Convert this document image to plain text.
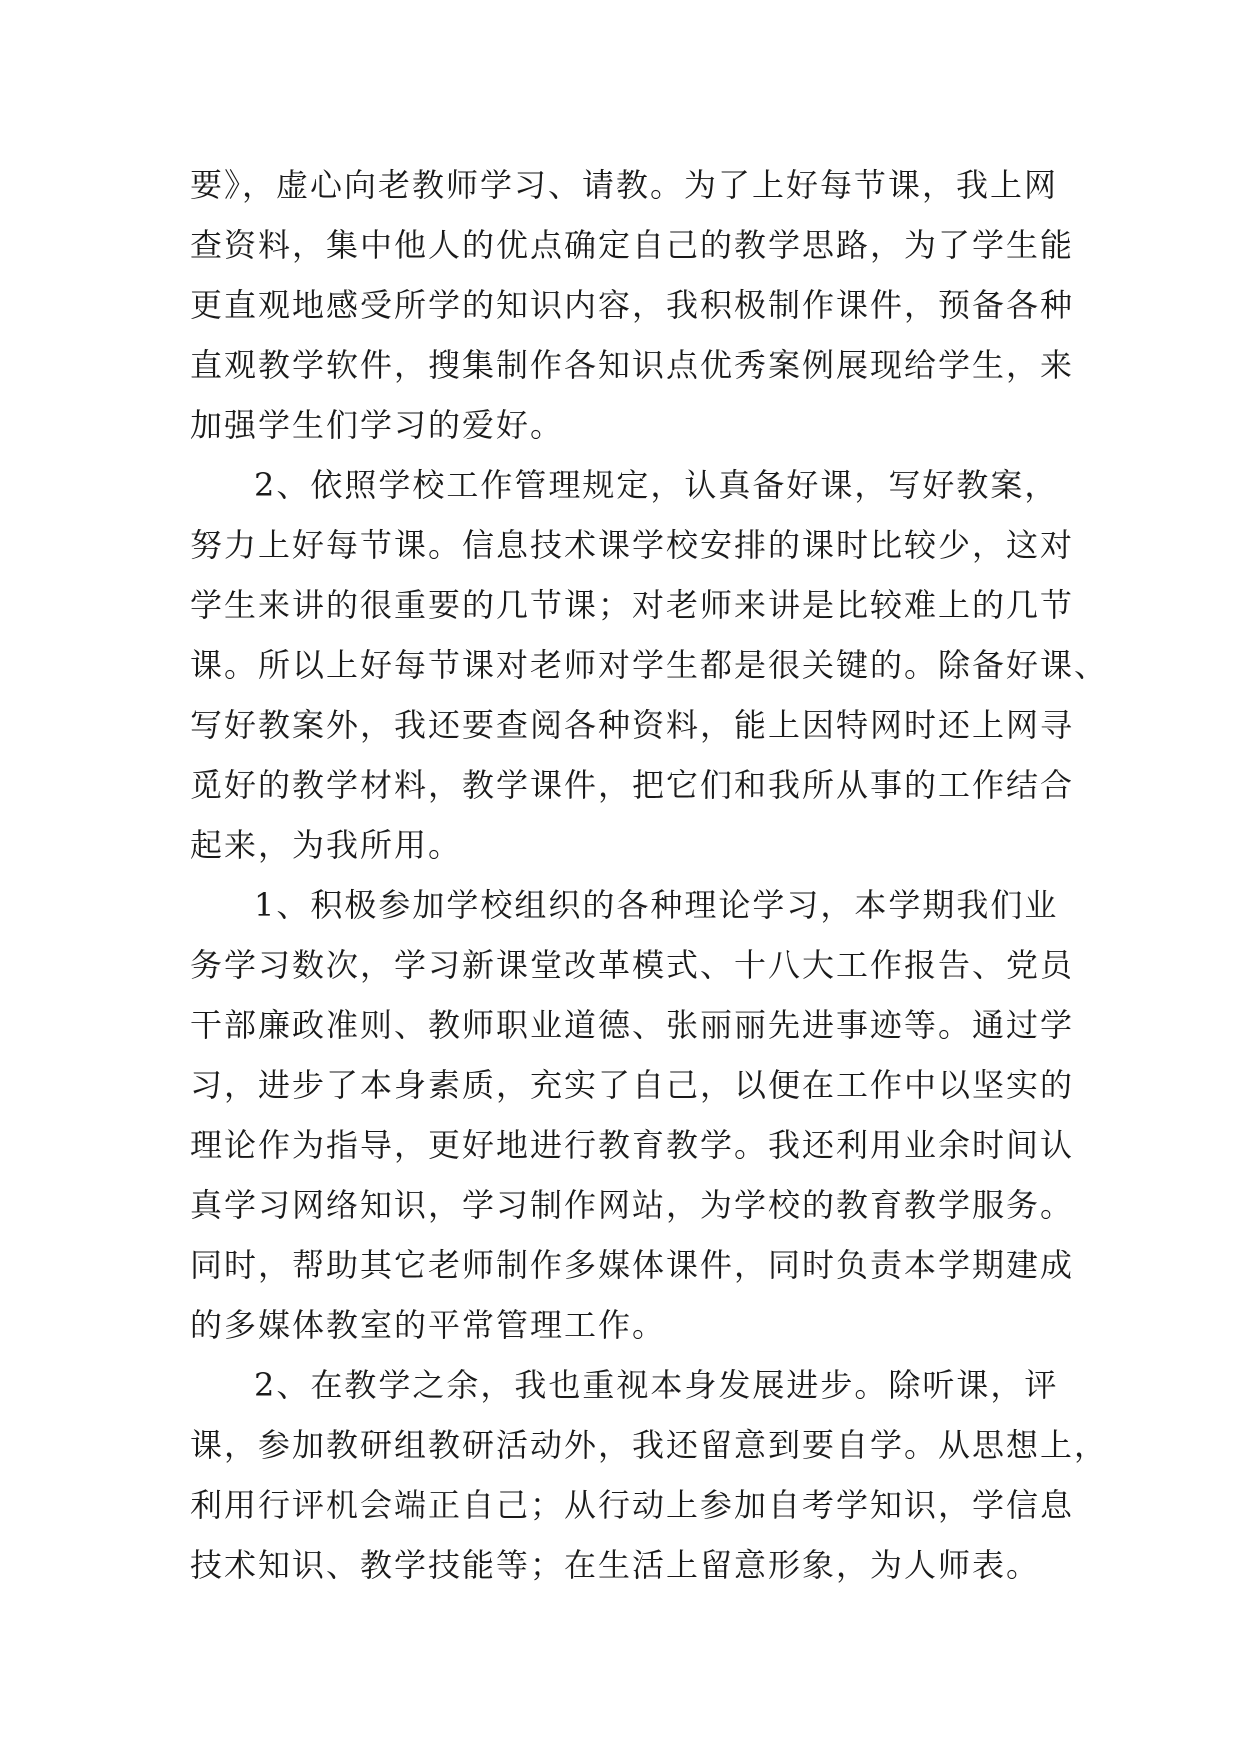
要》，虚心向老教师学习、请教。为了上好每节课，我上网
查资料，集中他人的优点确定自己的教学思路，为了学生能
更直观地感受所学的知识内容，我积极制作课件，预备各种
直观教学软件，搜集制作各知识点优秀案例展现给学生，来
加强学生们学习的爱好。
2、依照学校工作管理规定，认真备好课，写好教案，
努力上好每节课。信息技术课学校安排的课时比较少，这对
学生来讲的很重要的几节课；对老师来讲是比较难上的几节
课。所以上好每节课对老师对学生都是很关键的。除备好课、
写好教案外，我还要查阅各种资料，能上因特网时还上网寻
觅好的教学材料，教学课件，把它们和我所从事的工作结合
起来，为我所用。
1、积极参加学校组织的各种理论学习，本学期我们业
务学习数次，学习新课堂改革模式、十八大工作报告、党员
干部廉政准则、教师职业道德、张丽丽先进事迹等。通过学
习，进步了本身素质，充实了自己，以便在工作中以坚实的
理论作为指导，更好地进行教育教学。我还利用业余时间认
真学习网络知识，学习制作网站，为学校的教育教学服务。
同时，帮助其它老师制作多媒体课件，同时负责本学期建成
的多媒体教室的平常管理工作。
2、在教学之余，我也重视本身发展进步。除听课，评
课，参加教研组教研活动外，我还留意到要自学。从思想上，
利用行评机会端正自己；从行动上参加自考学知识，学信息
技术知识、教学技能等；在生活上留意形象，为人师表。
